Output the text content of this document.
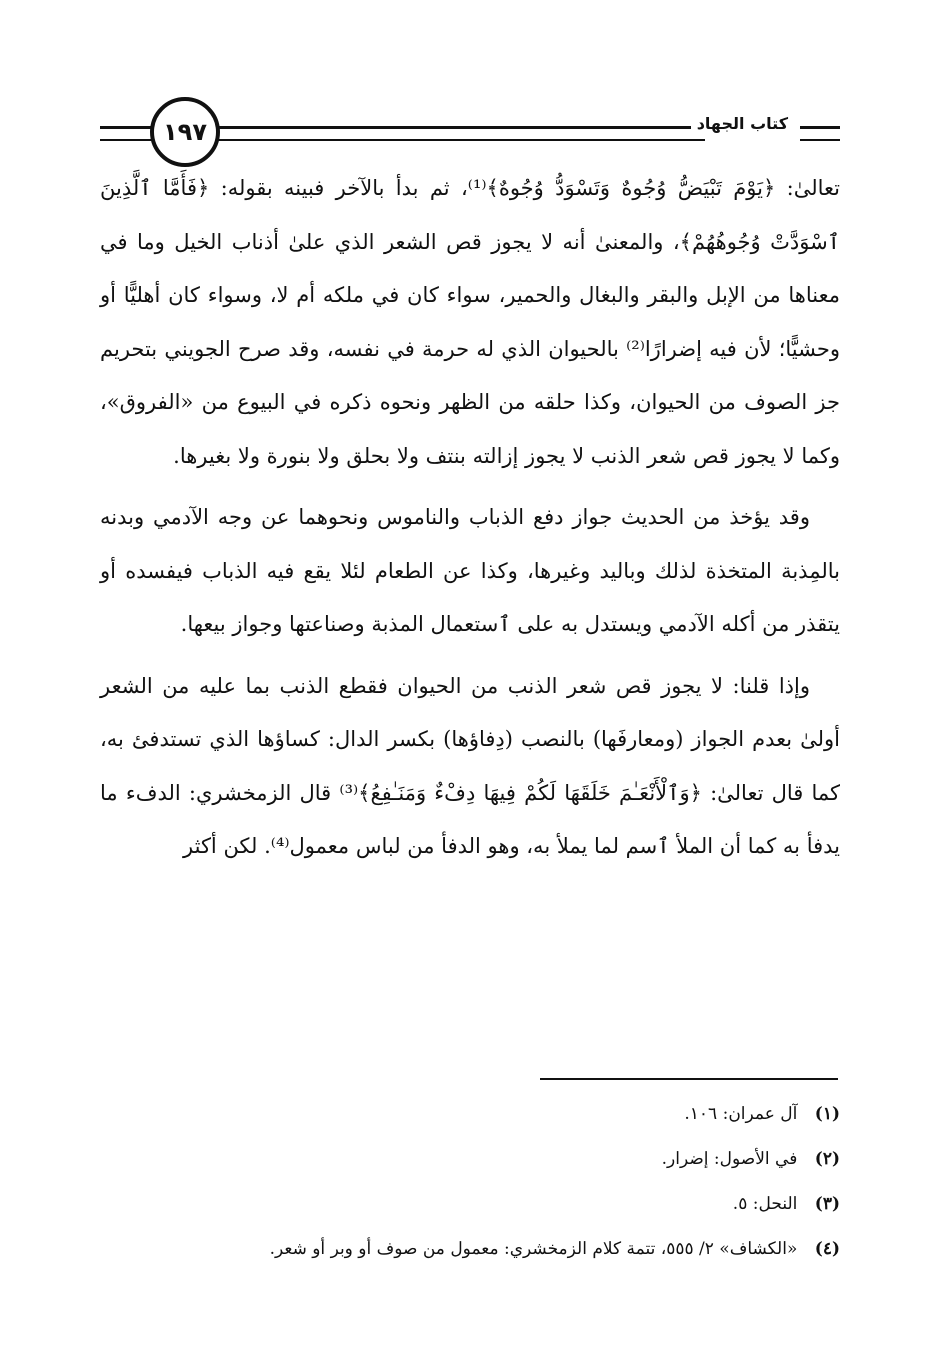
١٩٧	كتاب الجهاد

تعالىٰ: ﴿يَوْمَ تَبْيَضُّ وُجُوهٌ وَتَسْوَدُّ وُجُوهٌ﴾⁽¹⁾، ثم بدأ بالآخر فبينه بقوله: ﴿فَأَمَّا ٱلَّذِينَ ٱسْوَدَّتْ وُجُوهُهُمْ﴾، والمعنىٰ أنه لا يجوز قص الشعر الذي علىٰ أذناب الخيل وما في معناها من الإبل والبقر والبغال والحمير، سواء كان في ملكه أم لا، وسواء كان أهليًّا أو وحشيًّا؛ لأن فيه إضرارًا⁽²⁾ بالحيوان الذي له حرمة في نفسه، وقد صرح الجويني بتحريم جز الصوف من الحيوان، وكذا حلقه من الظهر ونحوه ذكره في البيوع من «الفروق»، وكما لا يجوز قص شعر الذنب لا يجوز إزالته بنتف ولا بحلق ولا بنورة ولا بغيرها.

وقد يؤخذ من الحديث جواز دفع الذباب والناموس ونحوهما عن وجه الآدمي وبدنه بالمِذبة المتخذة لذلك وباليد وغيرها، وكذا عن الطعام لئلا يقع فيه الذباب فيفسده أو يتقذر من أكله الآدمي ويستدل به على ٱستعمال المذبة وصناعتها وجواز بيعها.

وإذا قلنا: لا يجوز قص شعر الذنب من الحيوان فقطع الذنب بما عليه من الشعر أولىٰ بعدم الجواز (ومعارفَها) بالنصب (دِفاؤها) بكسر الدال: كساؤها الذي تستدفئ به، كما قال تعالىٰ: ﴿وَٱلْأَنْعَـٰمَ خَلَقَهَا لَكُمْ فِيهَا دِفْءٌ وَمَنَـٰفِعُ﴾⁽³⁾ قال الزمخشري: الدفء ما يدفأ به كما أن الملأ ٱسم لما يملأ به، وهو الدفأ من لباس معمول⁽⁴⁾. لكن أكثر

(١) آل عمران: ١٠٦.
(٢) في الأصول: إضرار.
(٣) النحل: ٥.
(٤) «الكشاف» ٢/ ٥٥٥، تتمة كلام الزمخشري: معمول من صوف أو وبر أو شعر.
